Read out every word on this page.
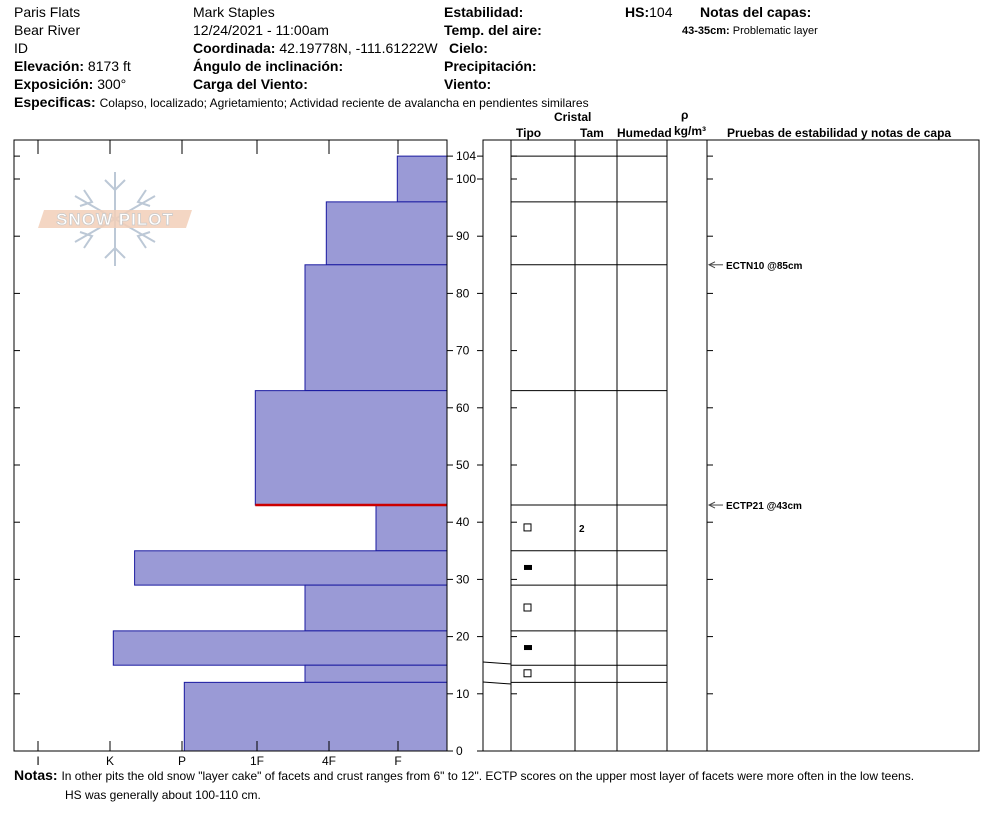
Paris Flats
Bear River
ID
Elevación: 8173 ft
Exposición: 300°
Mark Staples
12/24/2021 - 11:00am
Coordinada: 42.19778N, -111.61222W
Ángulo de inclinación:
Carga del Viento:
Estabilidad:
Temp. del aire:
Cielo:
Precipitación:
Viento:
HS:104 Notas del capas:
43-35cm: Problematic layer
Especificas: Colapso, localizado; Agrietamiento; Actividad reciente de avalancha en pendientes similares
Cristal	ρ
Tipo	Tam Humedad kg/m³ Pruebas de estabilidad y notas de capa
SNOW PILOT
I	K	P	1F	4F	F
0
10
20
30
40
50
60
70
80
90
100
104
2
ECTN10 @85cm
ECTP21 @43cm
Notas: In other pits the old snow "layer cake" of facets and crust ranges from 6" to 12". ECTP scores on the upper most layer of facets were more often in the low teens.
HS was generally about 100-110 cm.
